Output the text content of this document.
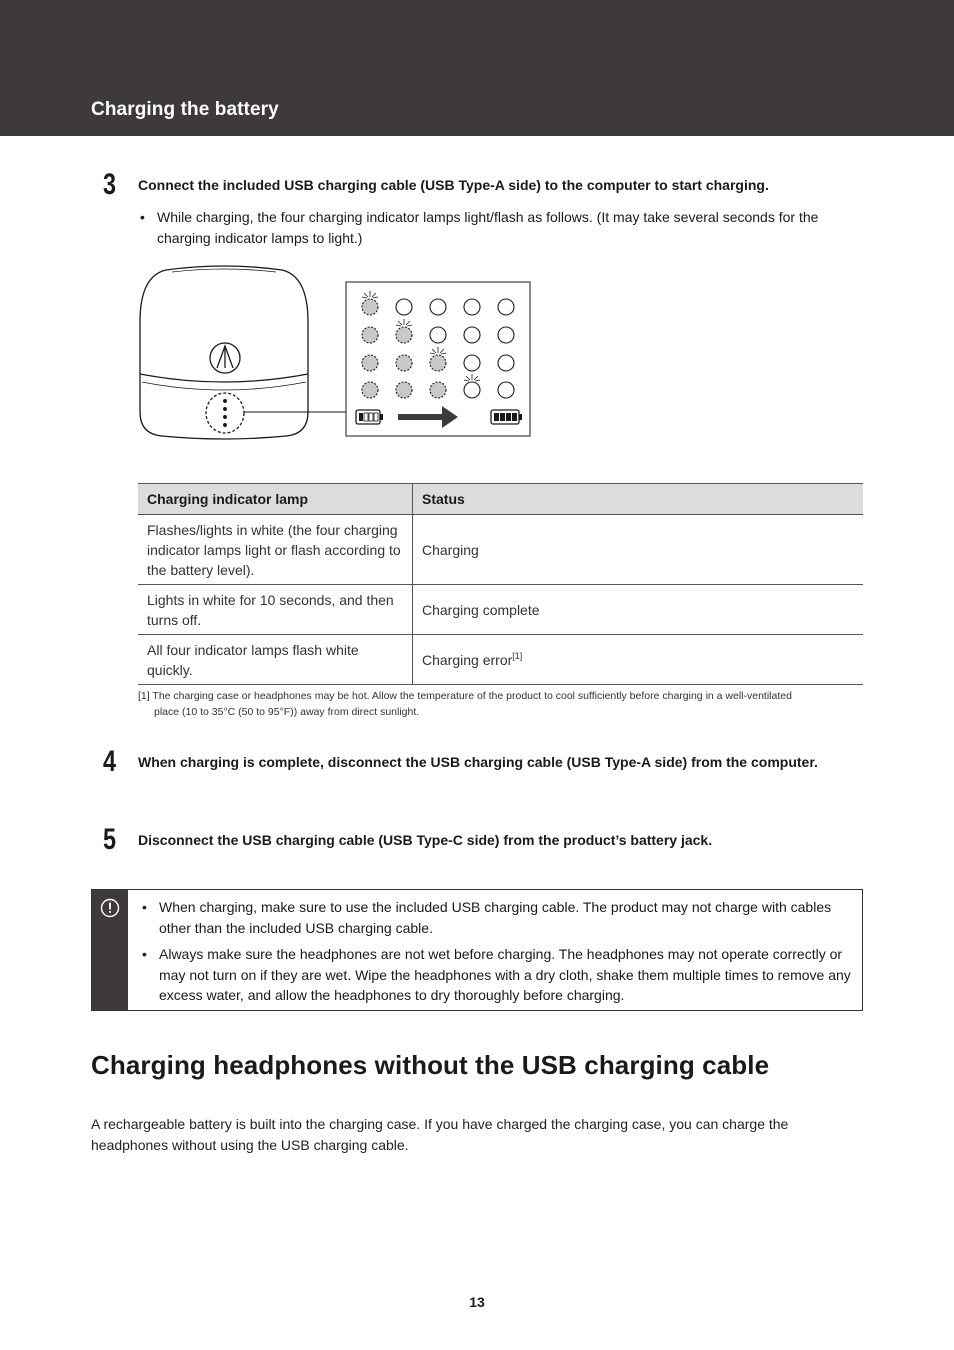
Charging the battery
3 Connect the included USB charging cable (USB Type-A side) to the computer to start charging.
• While charging, the four charging indicator lamps light/flash as follows. (It may take several seconds for the charging indicator lamps to light.)
Charging indicator lamp	Status
Flashes/lights in white (the four charging indicator lamps light or flash according to the battery level).	Charging
Lights in white for 10 seconds, and then turns off.	Charging complete
All four indicator lamps flash white quickly.	Charging error[1]
[1] The charging case or headphones may be hot. Allow the temperature of the product to cool sufficiently before charging in a well-ventilated
place (10 to 35°C (50 to 95°F)) away from direct sunlight.
4 When charging is complete, disconnect the USB charging cable (USB Type-A side) from the computer.
5 Disconnect the USB charging cable (USB Type-C side) from the product’s battery jack.
• When charging, make sure to use the included USB charging cable. The product may not charge with cables other than the included USB charging cable.
• Always make sure the headphones are not wet before charging. The headphones may not operate correctly or may not turn on if they are wet. Wipe the headphones with a dry cloth, shake them multiple times to remove any excess water, and allow the headphones to dry thoroughly before charging.
Charging headphones without the USB charging cable
A rechargeable battery is built into the charging case. If you have charged the charging case, you can charge the headphones without using the USB charging cable.
13
